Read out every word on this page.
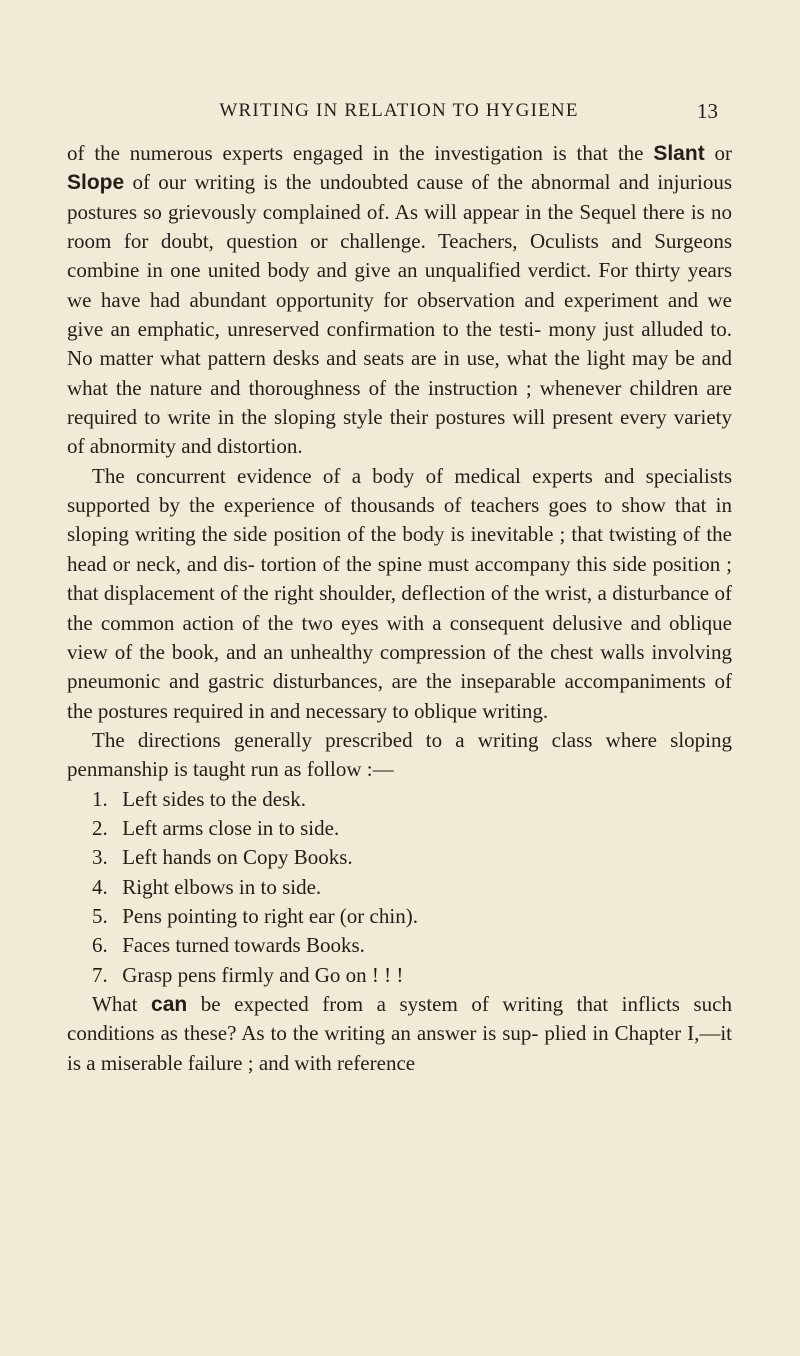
WRITING IN RELATION TO HYGIENE	13

of the numerous experts engaged in the investigation is that the Slant or Slope of our writing is the undoubted cause of the abnormal and injurious postures so grievously complained of. As will appear in the Sequel there is no room for doubt, question or challenge. Teachers, Oculists and Surgeons combine in one united body and give an unqualified verdict. For thirty years we have had abundant opportunity for observation and experiment and we give an emphatic, unreserved confirmation to the testi- mony just alluded to. No matter what pattern desks and seats are in use, what the light may be and what the nature and thoroughness of the instruction ; whenever children are required to write in the sloping style their postures will present every variety of abnormity and distortion.

The concurrent evidence of a body of medical experts and specialists supported by the experience of thousands of teachers goes to show that in sloping writing the side position of the body is inevitable ; that twisting of the head or neck, and dis- tortion of the spine must accompany this side position ; that displacement of the right shoulder, deflection of the wrist, a disturbance of the common action of the two eyes with a consequent delusive and oblique view of the book, and an unhealthy compression of the chest walls involving pneumonic and gastric disturbances, are the inseparable accompaniments of the postures required in and necessary to oblique writing.

The directions generally prescribed to a writing class where sloping penmanship is taught run as follow :—

1. Left sides to the desk.
2. Left arms close in to side.
3. Left hands on Copy Books.
4. Right elbows in to side.
5. Pens pointing to right ear (or chin).
6. Faces turned towards Books.
7. Grasp pens firmly and Go on ! ! !

What can be expected from a system of writing that inflicts such conditions as these? As to the writing an answer is sup- plied in Chapter I,—it is a miserable failure ; and with reference
